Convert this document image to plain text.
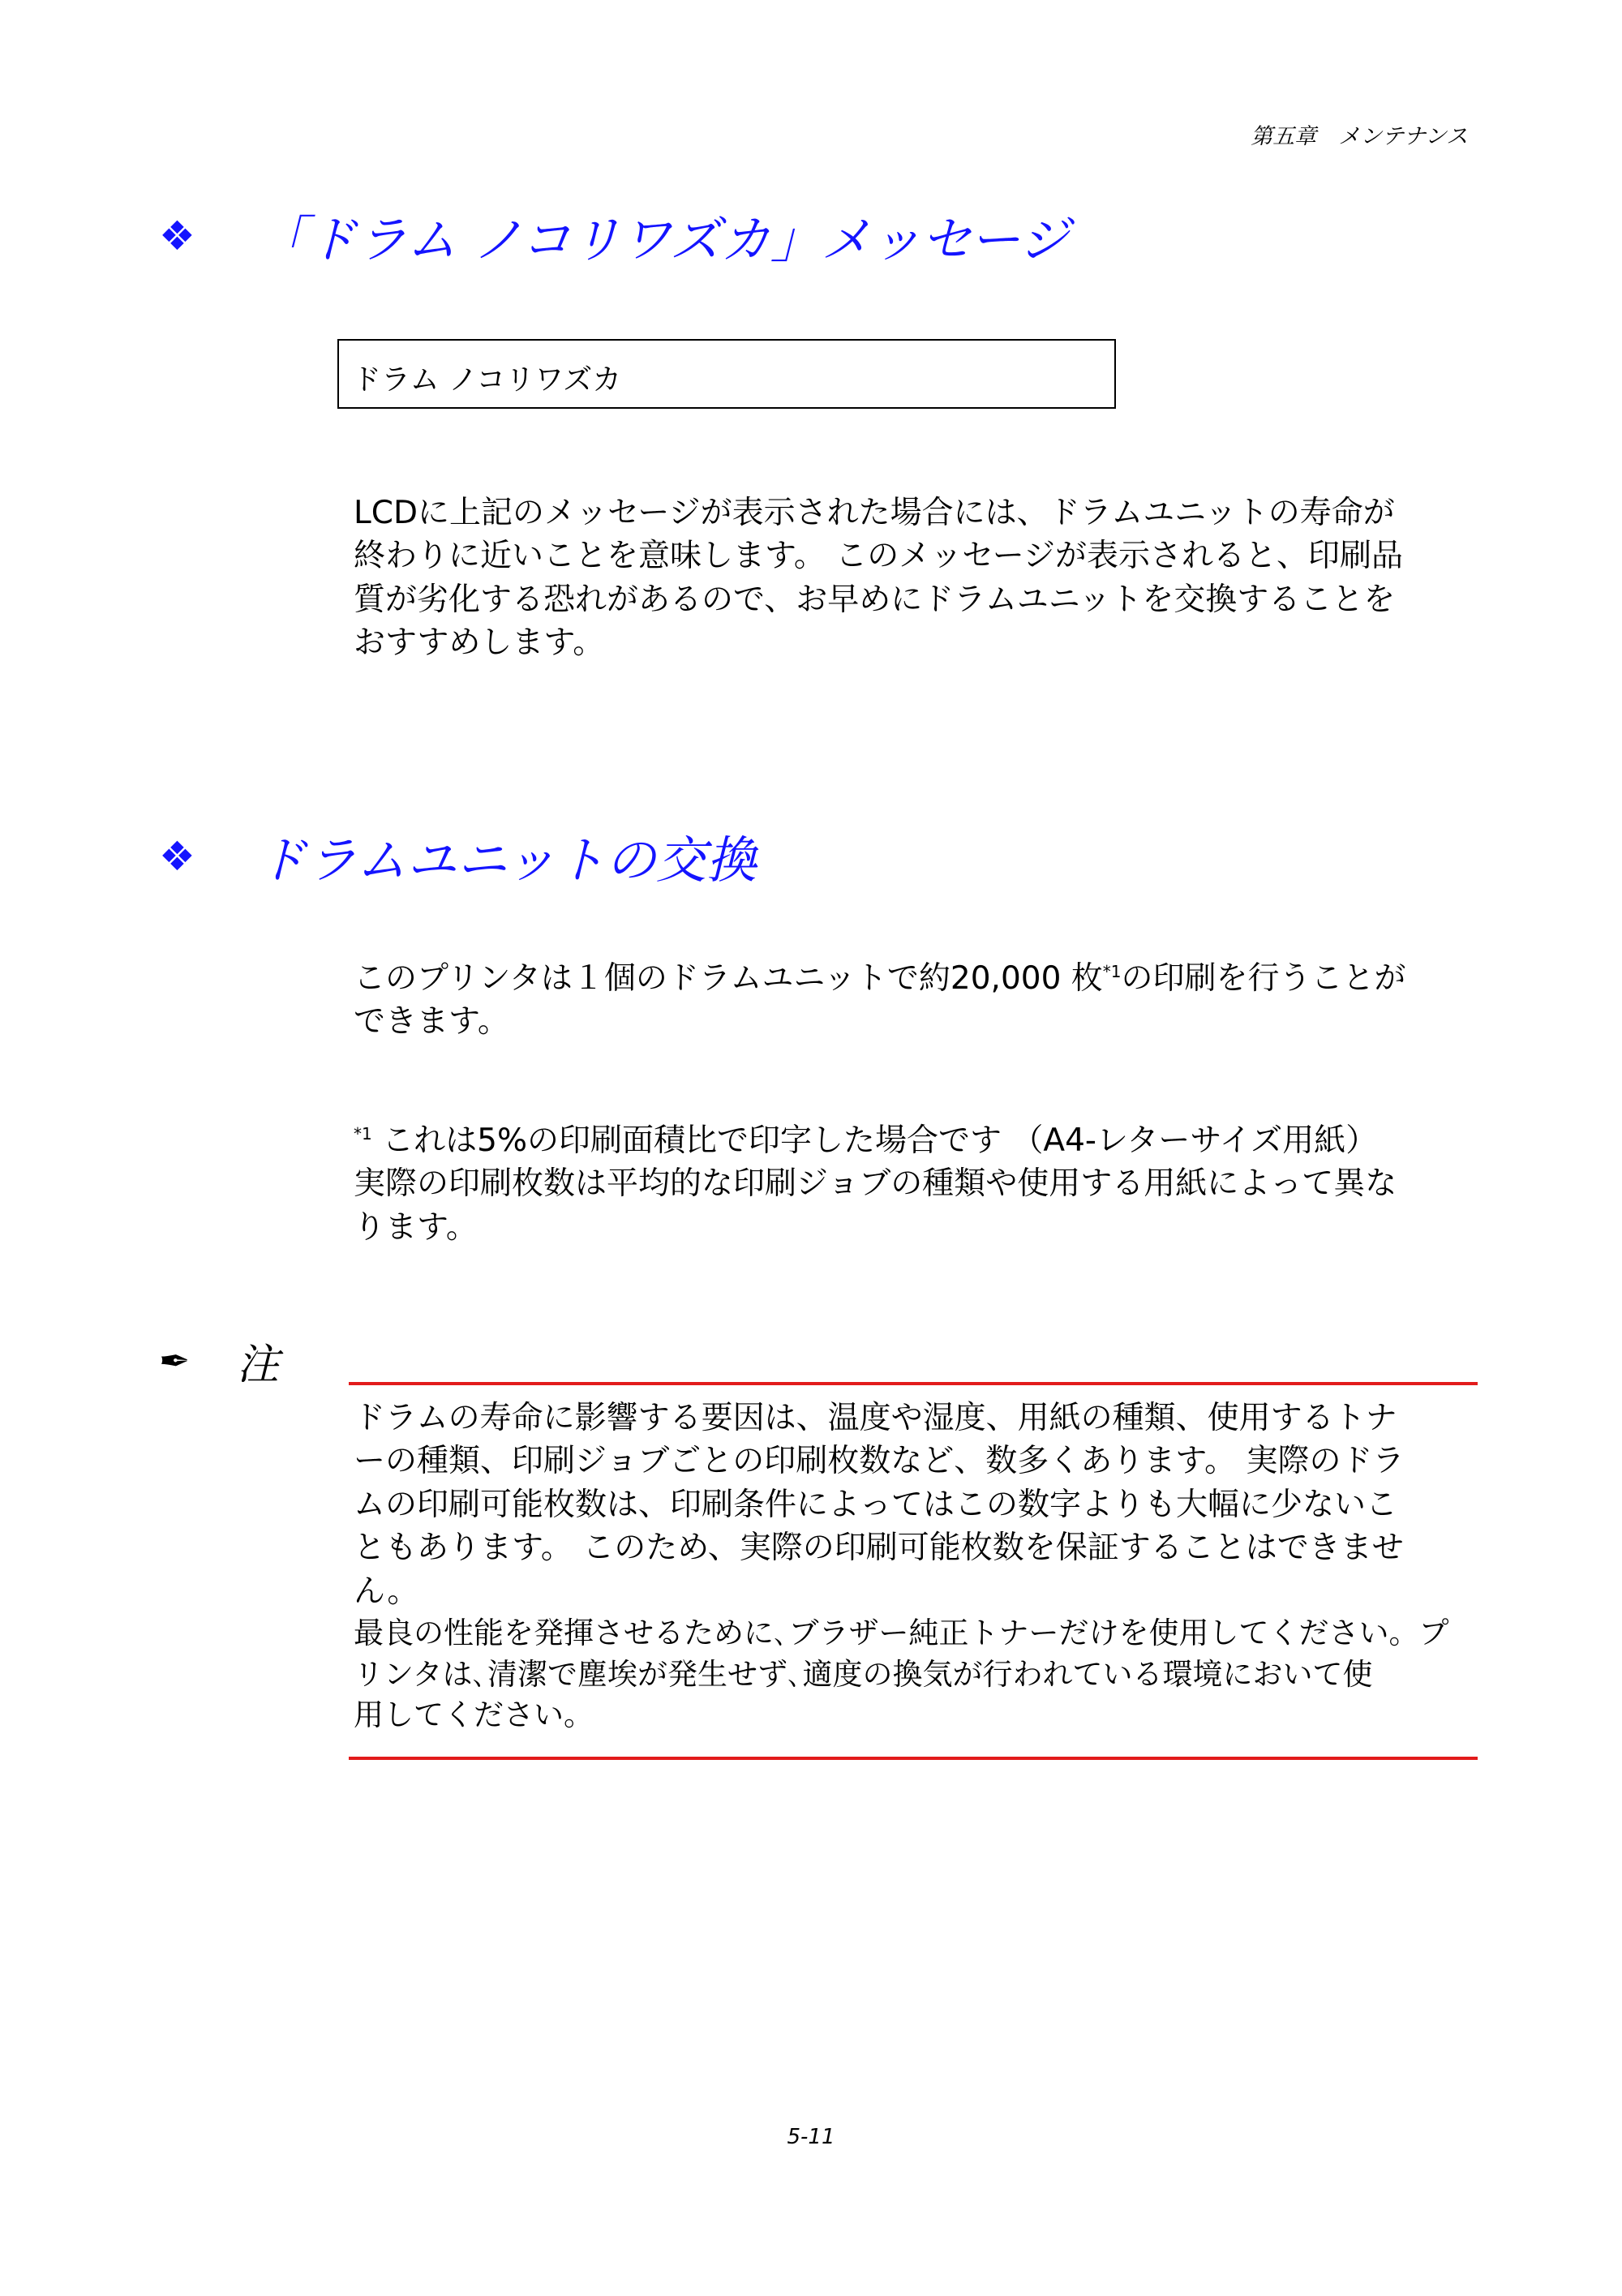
第五章　メンテナンス
❖	「ドラム ノコリワズカ」メッセージ
ドラム ノコリワズカ

LCDに上記のメッセージが表示された場合には、ドラムユニットの寿命が

終わりに近いことを意味します。 このメッセージが表示されると、印刷品

質が劣化する恐れがあるので、お早めにドラムユニットを交換することを

おすすめします。

❖	ドラムユニットの交換

このプリンタは１個のドラムユニットで約20,000 枚$^{*1}$の印刷を行うことが

できます。

$^{*1}$ これは5%の印刷面積比で印字した場合です （A4-レターサイズ用紙）

実際の印刷枚数は平均的な印刷ジョブの種類や使用する用紙によって異な

ります。

✒	注

ドラムの寿命に影響する要因は、温度や湿度、用紙の種類、使用するトナ

ーの種類、印刷ジョブごとの印刷枚数など、数多くあります。 実際のドラ

ムの印刷可能枚数は、印刷条件によってはこの数字よりも大幅に少ないこ

ともあります。 このため、実際の印刷可能枚数を保証することはできませ

ん。

最良の性能を発揮させるために､ブラザー純正トナーだけを使用してください。プ

リンタは､清潔で塵埃が発生せず､適度の換気が行われている環境において使

用してください。

5-11
